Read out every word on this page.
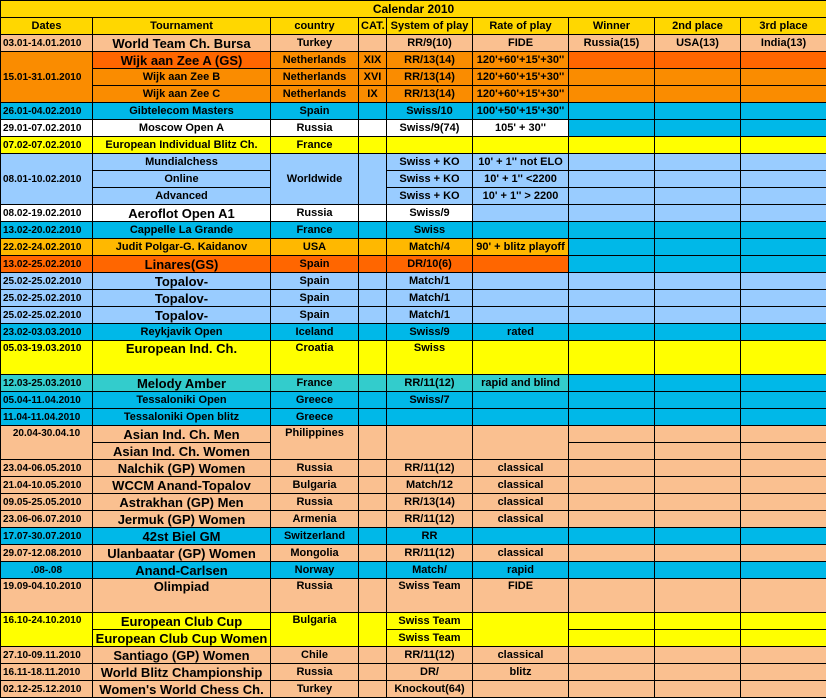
Calendar 2010								
Dates	Tournament	country	CAT.	System of play	Rate of play	Winner	2nd place	3rd place
03.01-14.01.2010	World Team Ch. Bursa	Turkey		RR/9(10)	FIDE	Russia(15)	USA(13)	India(13)
15.01-31.01.2010	Wijk aan Zee A (GS)	Netherlands	XIX	RR/13(14)	120'+60'+15'+30''			
	Wijk aan Zee B	Netherlands	XVI	RR/13(14)	120'+60'+15'+30''			
	Wijk aan Zee C	Netherlands	IX	RR/13(14)	120'+60'+15'+30''			
26.01-04.02.2010	Gibtelecom Masters	Spain		Swiss/10	100'+50'+15'+30''			
29.01-07.02.2010	Moscow Open A	Russia		Swiss/9(74)	105' + 30''			
07.02-07.02.2010	European Individual Blitz Ch.	France						
08.01-10.02.2010	Mundialchess	Worldwide		Swiss + KO	10' + 1'' not ELO			
	Online			Swiss + KO	10' + 1'' <2200			
	Advanced			Swiss + KO	10' + 1'' > 2200			
08.02-19.02.2010	Aeroflot Open A1	Russia		Swiss/9				
13.02-20.02.2010	Cappelle La Grande	France		Swiss				
22.02-24.02.2010	Judit Polgar-G. Kaidanov	USA		Match/4	90' + blitz playoff			
13.02-25.02.2010	Linares(GS)	Spain		DR/10(6)				
25.02-25.02.2010	Topalov-	Spain		Match/1				
25.02-25.02.2010	Topalov-	Spain		Match/1				
25.02-25.02.2010	Topalov-	Spain		Match/1				
23.02-03.03.2010	Reykjavik Open	Iceland		Swiss/9	rated			
05.03-19.03.2010	European Ind. Ch.	Croatia		Swiss				
12.03-25.03.2010	Melody Amber	France		RR/11(12)	rapid and blind			
05.04-11.04.2010	Tessaloniki Open	Greece		Swiss/7				
11.04-11.04.2010	Tessaloniki Open blitz	Greece						
20.04-30.04.10	Asian Ind. Ch. Men	Philippines						
	Asian Ind. Ch. Women							
23.04-06.05.2010	Nalchik (GP) Women	Russia		RR/11(12)	classical			
21.04-10.05.2010	WCCM Anand-Topalov	Bulgaria		Match/12	classical			
09.05-25.05.2010	Astrakhan (GP) Men	Russia		RR/13(14)	classical			
23.06-06.07.2010	Jermuk (GP) Women	Armenia		RR/11(12)	classical			
17.07-30.07.2010	42st Biel GM	Switzerland		RR				
29.07-12.08.2010	Ulanbaatar (GP) Women	Mongolia		RR/11(12)	classical			
.08-.08	Anand-Carlsen	Norway		Match/	rapid			
19.09-04.10.2010	Olimpiad	Russia		Swiss Team	FIDE			
16.10-24.10.2010	European Club Cup	Bulgaria		Swiss Team				
	European Club Cup Women			Swiss Team				
27.10-09.11.2010	Santiago (GP) Women	Chile		RR/11(12)	classical			
16.11-18.11.2010	World Blitz Championship	Russia		DR/	blitz			
02.12-25.12.2010	Women's World Chess Ch.	Turkey		Knockout(64)				
